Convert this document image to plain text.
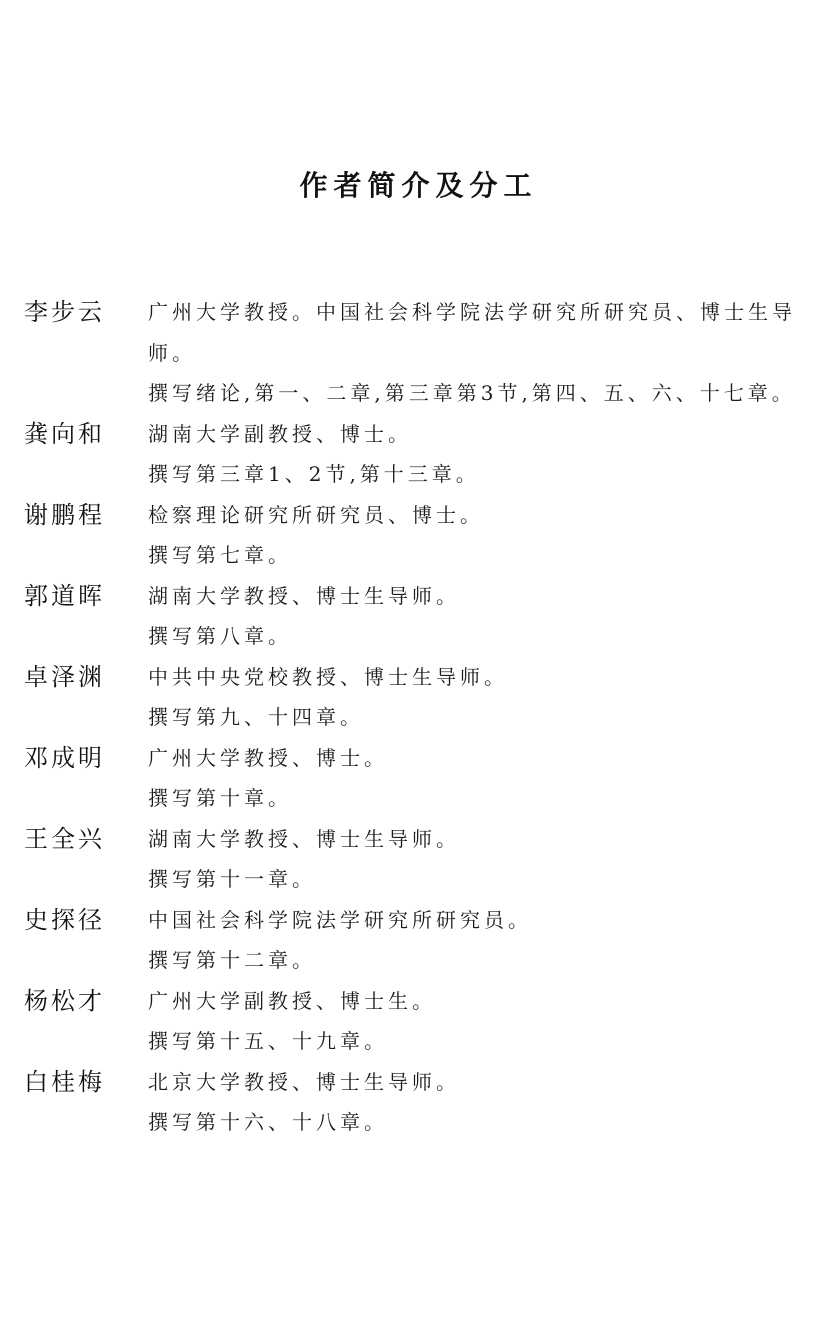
作者简介及分工
李步云	广州大学教授。中国社会科学院法学研究所研究员、博士生导师。
撰写绪论,第一、二章,第三章第3节,第四、五、六、十七章。
龚向和	湖南大学副教授、博士。
撰写第三章1、2节,第十三章。
谢鹏程	检察理论研究所研究员、博士。
撰写第七章。
郭道晖	湖南大学教授、博士生导师。
撰写第八章。
卓泽渊	中共中央党校教授、博士生导师。
撰写第九、十四章。
邓成明	广州大学教授、博士。
撰写第十章。
王全兴	湖南大学教授、博士生导师。
撰写第十一章。
史探径	中国社会科学院法学研究所研究员。
撰写第十二章。
杨松才	广州大学副教授、博士生。
撰写第十五、十九章。
白桂梅	北京大学教授、博士生导师。
撰写第十六、十八章。
